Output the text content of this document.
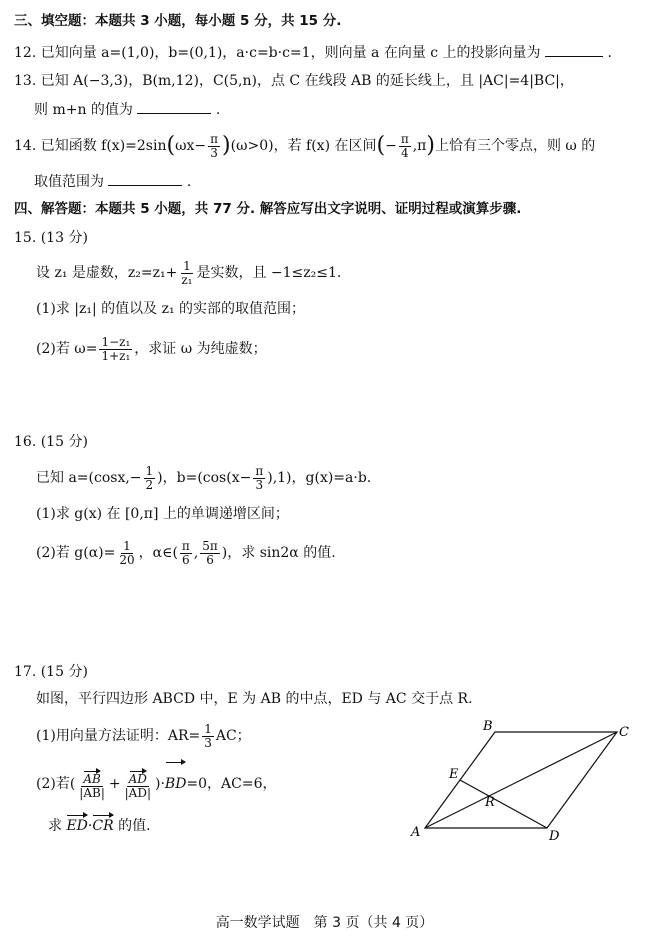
三、填空题：本题共 3 小题，每小题 5 分，共 15 分.
12. 已知向量 a=(1,0)，b=(0,1)，a·c=b·c=1，则向量 a 在向量 c 上的投影向量为	.
13. 已知 A(−3,3)，B(m,12)，C(5,n)，点 C 在线段 AB 的延长线上，且 |AC|=4|BC|，
则 m+n 的值为	.
14. 已知函数 $f(x)=2\sin(\omega x- \frac{\pi}{3} )(\omega>0)$，若 f(x) 在区间(− $\frac{\pi}{4} ,\pi$)上恰有三个零点，则 ω 的
取值范围为	.
四、解答题：本题共 5 小题，共 77 分. 解答应写出文字说明、证明过程或演算步骤.
15. (13 分)
设 z₁ 是虚数，$z_2=z_1+ \frac{1}{\text{z₁}}$ 是实数，且 −1≤z₂≤1.
(1)求 |z₁| 的值以及 z₁ 的实部的取值范围；
(2)若 $\omega= \frac{\text{1−z₁}}{\text{1+z₁}}$ ，求证 ω 为纯虚数；
16. (15 分)
已知 $a=(\cos x,- \frac{1}{2}$ )，$b=(\cos(x- \frac{\pi}{3} ),1)$，g(x)=a·b.
(1)求 g(x) 在 [0,π] 上的单调递增区间；
(2)若 $g(\alpha)= \frac{1}{20}$ ，α∈( $\frac{\pi}{6}$ , $\frac{5\pi}{6}$ )，求 sin2α 的值.
17. (15 分)
如图，平行四边形 ABCD 中，E 为 AB 的中点，ED 与 AC 交于点 R.
(1)用向量方法证明：$AR= \frac{1}{3}$ AC；
(2)若( $\frac{AB}{|AB|} + \frac{AD}{|AD|} )\cdot BD=0$，AC=6，
求 ED·CR 的值.	A
B	C
D
E
R
高一数学试题　第 3 页（共 4 页）
